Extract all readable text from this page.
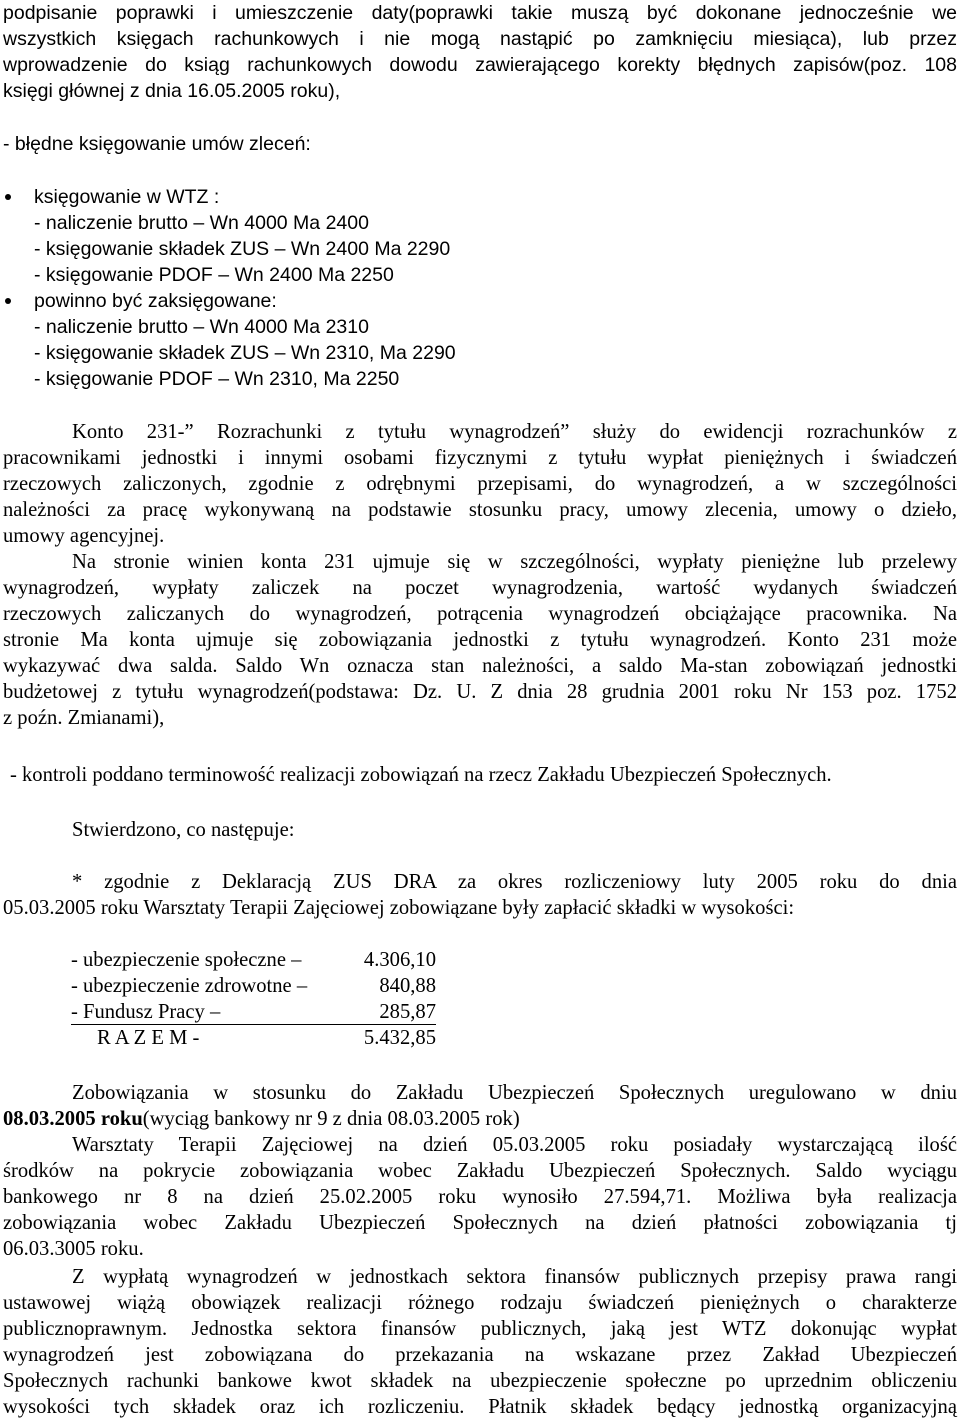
podpisanie poprawki i umieszczenie daty(poprawki takie muszą być dokonane jednocześnie we
wszystkich księgach rachunkowych i nie mogą nastąpić po zamknięciu miesiąca), lub przez
wprowadzenie do ksiąg rachunkowych dowodu zawierającego korekty błędnych zapisów(poz. 108
księgi głównej z dnia 16.05.2005 roku),
- błędne księgowanie umów zleceń:
księgowanie w WTZ :
- naliczenie brutto – Wn 4000 Ma 2400
- księgowanie składek ZUS – Wn 2400 Ma 2290
- księgowanie PDOF – Wn 2400 Ma 2250
powinno być zaksięgowane:
- naliczenie brutto – Wn 4000 Ma 2310
- księgowanie składek ZUS – Wn 2310, Ma 2290
- księgowanie PDOF – Wn 2310, Ma 2250
Konto 231-” Rozrachunki z tytułu wynagrodzeń” służy do ewidencji rozrachunków z
pracownikami jednostki i innymi osobami fizycznymi z tytułu wypłat pieniężnych i świadczeń
rzeczowych zaliczonych, zgodnie z odrębnymi przepisami, do wynagrodzeń, a w szczególności
należności za pracę wykonywaną na podstawie stosunku pracy, umowy zlecenia, umowy o dzieło,
umowy agencyjnej.
Na stronie winien konta 231 ujmuje się w szczególności, wypłaty pieniężne lub przelewy
wynagrodzeń, wypłaty zaliczek na poczet wynagrodzenia, wartość wydanych świadczeń
rzeczowych zaliczanych do wynagrodzeń, potrącenia wynagrodzeń obciążające pracownika. Na
stronie Ma konta ujmuje się zobowiązania jednostki z tytułu wynagrodzeń. Konto 231 może
wykazywać dwa salda. Saldo Wn oznacza stan należności, a saldo Ma-stan zobowiązań jednostki
budżetowej z tytułu wynagrodzeń(podstawa: Dz. U. Z dnia 28 grudnia 2001 roku Nr 153 poz. 1752
z poźn. Zmianami),
- kontroli poddano terminowość realizacji zobowiązań na rzecz Zakładu Ubezpieczeń Społecznych.
Stwierdzono, co następuje:
* zgodnie z Deklaracją ZUS DRA za okres rozliczeniowy luty 2005 roku do dnia
05.03.2005 roku Warsztaty Terapii Zajęciowej zobowiązane były zapłacić składki w wysokości:
- ubezpieczenie społeczne –	4.306,10
- ubezpieczenie zdrowotne –	840,88
- Fundusz Pracy –	285,87
R A Z E M -	5.432,85
Zobowiązania w stosunku do Zakładu Ubezpieczeń Społecznych uregulowano w dniu
08.03.2005 roku(wyciąg bankowy nr 9 z dnia 08.03.2005 rok)
Warsztaty Terapii Zajęciowej na dzień 05.03.2005 roku posiadały wystarczającą ilość
środków na pokrycie zobowiązania wobec Zakładu Ubezpieczeń Społecznych. Saldo wyciągu
bankowego nr 8 na dzień 25.02.2005 roku wynosiło 27.594,71. Możliwa była realizacja
zobowiązania wobec Zakładu Ubezpieczeń Społecznych na dzień płatności zobowiązania tj
06.03.3005 roku.
Z wypłatą wynagrodzeń w jednostkach sektora finansów publicznych przepisy prawa rangi
ustawowej wiążą obowiązek realizacji różnego rodzaju świadczeń pieniężnych o charakterze
publicznoprawnym. Jednostka sektora finansów publicznych, jaką jest WTZ dokonując wypłat
wynagrodzeń jest zobowiązana do przekazania na wskazane przez Zakład Ubezpieczeń
Społecznych rachunki bankowe kwot składek na ubezpieczenie społeczne po uprzednim obliczeniu
wysokości tych składek oraz ich rozliczeniu. Płatnik składek będący jednostką organizacyjną
